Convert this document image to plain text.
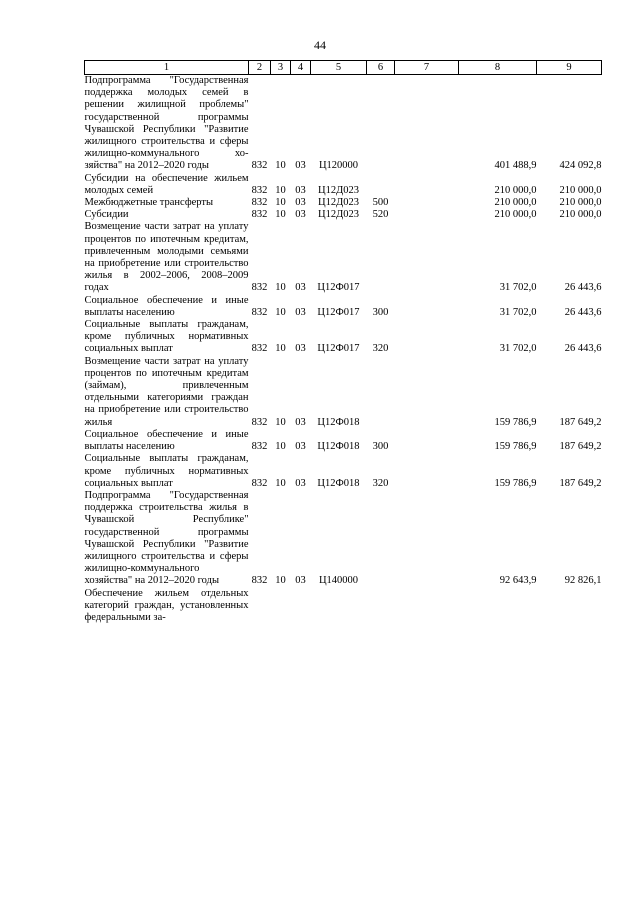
44
1	2	3	4	5	6	7	8	9
Подпрограмма "Государственная поддержка молодых семей в решении жилищной проблемы" государственной программы Чувашской Республики "Развитие жилищного строительства и сферы жилищно-коммунального хозяйства" на 2012–2020 годы	832	10	03	Ц120000			401 488,9	424 092,8
Субсидии на обеспечение жильем молодых семей	832	10	03	Ц12Д023			210 000,0	210 000,0
Межбюджетные трансферты	832	10	03	Ц12Д023	500		210 000,0	210 000,0
Субсидии	832	10	03	Ц12Д023	520		210 000,0	210 000,0
Возмещение части затрат на уплату процентов по ипотечным кредитам, привлеченным молодыми семьями на приобретение или строительство жилья в 2002–2006, 2008–2009 годах	832	10	03	Ц12Ф017			31 702,0	26 443,6
Социальное обеспечение и иные выплаты населению	832	10	03	Ц12Ф017	300		31 702,0	26 443,6
Социальные выплаты гражданам, кроме публичных нормативных социальных выплат	832	10	03	Ц12Ф017	320		31 702,0	26 443,6
Возмещение части затрат на уплату процентов по ипотечным кредитам (займам), привлеченным отдельными категориями граждан на приобретение или строительство жилья	832	10	03	Ц12Ф018			159 786,9	187 649,2
Социальное обеспечение и иные выплаты населению	832	10	03	Ц12Ф018	300		159 786,9	187 649,2
Социальные выплаты гражданам, кроме публичных нормативных социальных выплат	832	10	03	Ц12Ф018	320		159 786,9	187 649,2
Подпрограмма "Государственная поддержка строительства жилья в Чувашской Республике" государственной программы Чувашской Республики "Развитие жилищного строительства и сферы жилищно-коммунального хозяйства" на 2012–2020 годы	832	10	03	Ц140000			92 643,9	92 826,1
Обеспечение жильем отдельных категорий граждан, установленных федеральными за-								
